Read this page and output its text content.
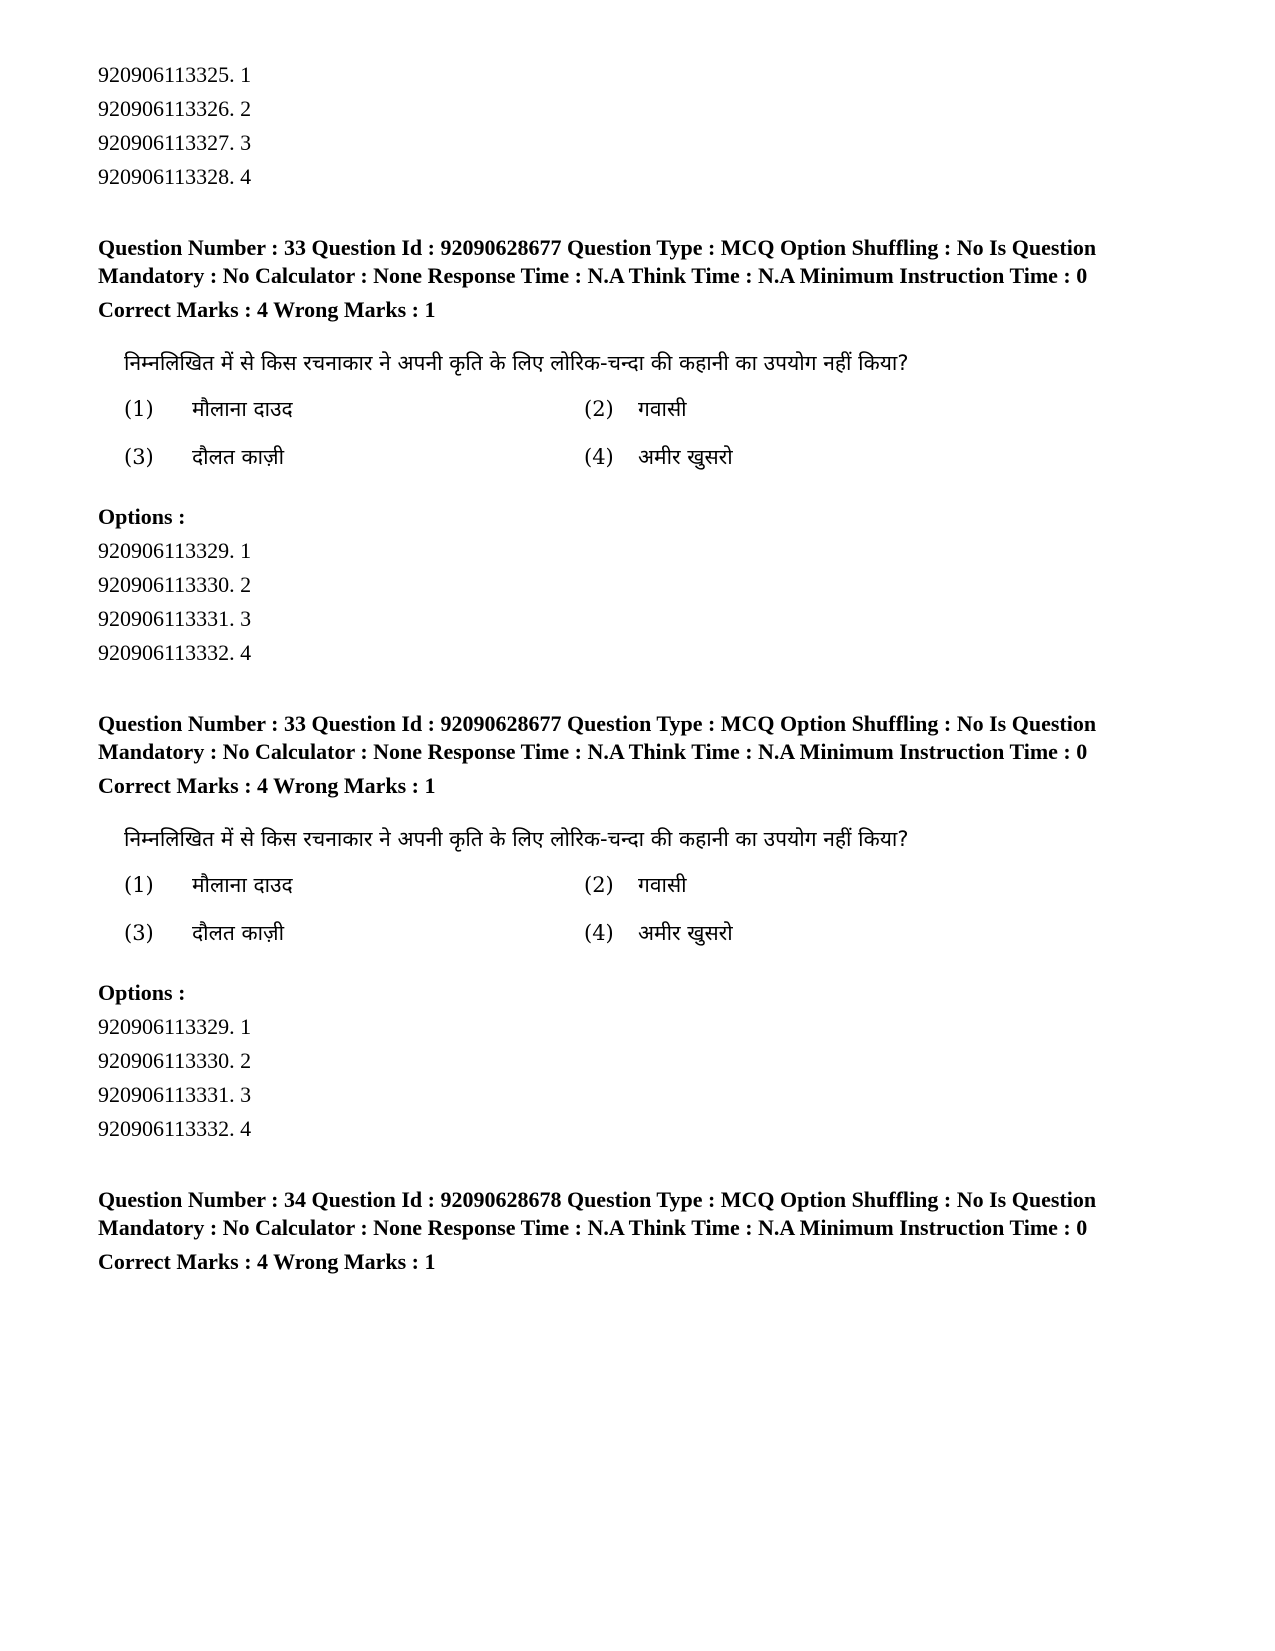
920906113325. 1
920906113326. 2
920906113327. 3
920906113328. 4
Question Number : 33 Question Id : 92090628677 Question Type : MCQ Option Shuffling : No Is Question Mandatory : No Calculator : None Response Time : N.A Think Time : N.A Minimum Instruction Time : 0
Correct Marks : 4 Wrong Marks : 1
निम्नलिखित में से किस रचनाकार ने अपनी कृति के लिए लोरिक-चन्दा की कहानी का उपयोग नहीं किया?
(1)	मौलाना दाउद	(2)	गवासी
(3)	दौलत काज़ी	(4)	अमीर खुसरो
Options :
920906113329. 1
920906113330. 2
920906113331. 3
920906113332. 4
Question Number : 33 Question Id : 92090628677 Question Type : MCQ Option Shuffling : No Is Question Mandatory : No Calculator : None Response Time : N.A Think Time : N.A Minimum Instruction Time : 0
Correct Marks : 4 Wrong Marks : 1
निम्नलिखित में से किस रचनाकार ने अपनी कृति के लिए लोरिक-चन्दा की कहानी का उपयोग नहीं किया?
(1)	मौलाना दाउद	(2)	गवासी
(3)	दौलत काज़ी	(4)	अमीर खुसरो
Options :
920906113329. 1
920906113330. 2
920906113331. 3
920906113332. 4
Question Number : 34 Question Id : 92090628678 Question Type : MCQ Option Shuffling : No Is Question Mandatory : No Calculator : None Response Time : N.A Think Time : N.A Minimum Instruction Time : 0
Correct Marks : 4 Wrong Marks : 1
